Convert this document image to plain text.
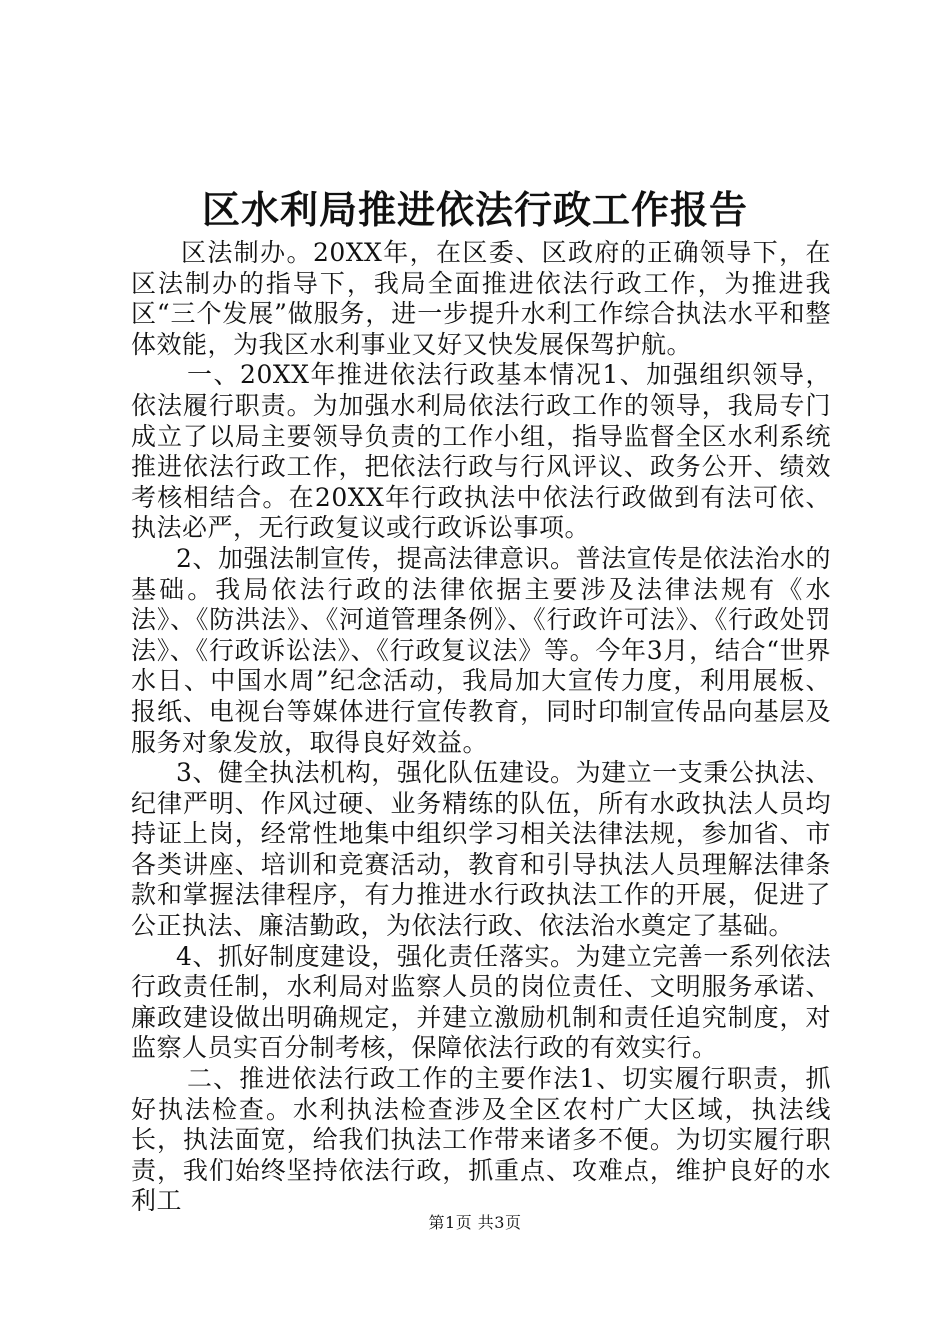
区水利局推进依法行政工作报告

区法制办。20XX年，在区委、区政府的正确领导下，在区法制办的指导下，我局全面推进依法行政工作，为推进我区“三个发展”做服务，进一步提升水利工作综合执法水平和整体效能，为我区水利事业又好又快发展保驾护航。

一、20XX年推进依法行政基本情况1、加强组织领导，依法履行职责。为加强水利局依法行政工作的领导，我局专门成立了以局主要领导负责的工作小组，指导监督全区水利系统推进依法行政工作，把依法行政与行风评议、政务公开、绩效考核相结合。在20XX年行政执法中依法行政做到有法可依、执法必严，无行政复议或行政诉讼事项。

2、加强法制宣传，提高法律意识。普法宣传是依法治水的基础。我局依法行政的法律依据主要涉及法律法规有《水法》、《防洪法》、《河道管理条例》、《行政许可法》、《行政处罚法》、《行政诉讼法》、《行政复议法》等。今年3月，结合“世界水日、中国水周”纪念活动，我局加大宣传力度，利用展板、报纸、电视台等媒体进行宣传教育，同时印制宣传品向基层及服务对象发放，取得良好效益。

3、健全执法机构，强化队伍建设。为建立一支秉公执法、纪律严明、作风过硬、业务精练的队伍，所有水政执法人员均持证上岗，经常性地集中组织学习相关法律法规，参加省、市各类讲座、培训和竞赛活动，教育和引导执法人员理解法律条款和掌握法律程序，有力推进水行政执法工作的开展，促进了公正执法、廉洁勤政，为依法行政、依法治水奠定了基础。

4、抓好制度建设，强化责任落实。为建立完善一系列依法行政责任制，水利局对监察人员的岗位责任、文明服务承诺、廉政建设做出明确规定，并建立激励机制和责任追究制度，对监察人员实百分制考核，保障依法行政的有效实行。

二、推进依法行政工作的主要作法1、切实履行职责，抓好执法检查。水利执法检查涉及全区农村广大区域，执法线长，执法面宽，给我们执法工作带来诸多不便。为切实履行职责，我们始终坚持依法行政，抓重点、攻难点，维护良好的水利工

第1页 共3页
